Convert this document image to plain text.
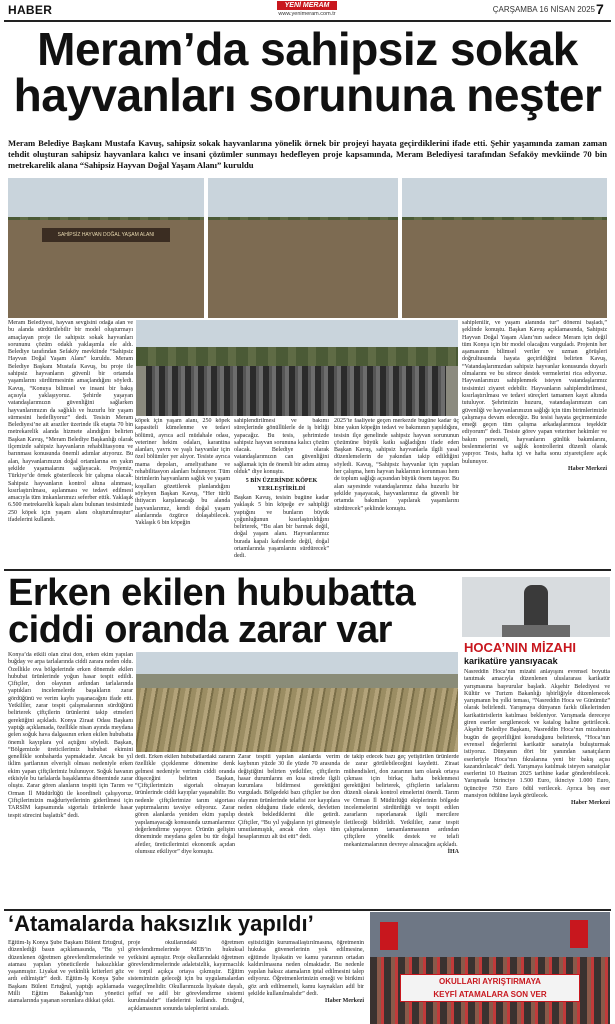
HABER	YENİ MERAM
www.yenimeram.com.tr	ÇARŞAMBA 16 NİSAN 2025 7
Meram’da sahipsiz sokak
hayvanları sorununa neşter
Meram Belediye Başkanı Mustafa Kavuş, sahipsiz sokak hayvanlarına yönelik örnek bir projeyi hayata geçirdiklerini ifade etti. Şehir yaşamında zaman zaman tehdit oluşturan sahipsiz hayvanlara kalıcı ve insani çözümler sunmayı hedefleyen proje kapsamında, Meram Belediyesi tarafından Sefaköy mevkiinde 70 bin metrekarelik alana “Sahipsiz Hayvan Doğal Yaşam Alanı” kuruldu
SAHİPSİZ HAYVAN DOĞAL YAŞAM ALANI
Meram Belediyesi, hayvan sevgisini odağa alan ve bu alanda sürdürülebilir bir model oluşturmayı amaçlayan proje ile sahipsiz sokak hayvanları sorununu çözüm odaklı yaklaşımla ele aldı. Belediye tarafından Sefaköy mevkiinde “Sahipsiz Hayvan Doğal Yaşam Alanı” kuruldu. Meram Belediye Başkanı Mustafa Kavuş, bu proje ile sahipsiz hayvanların güvenli bir ortamda yaşamlarını sürdürmesinin amaçlandığını söyledi. Kavuş, “Konuya bilimsel ve insani bir bakış açısıyla yaklaşıyoruz. Şehirde yaşayan vatandaşlarımızın güvenliğini sağlarken hayvanlarımızın da sağlıklı ve huzurlu bir yaşam sürmesini hedefliyoruz” dedi. Tesisin Meram Belediyesi’ne ait araziler üzerinde ilk etapta 70 bin metrekarelik alanda hizmete alındığını belirten Başkan Kavuş, “Meram Belediye Başkanlığı olarak ilçemizde sahipsiz hayvanların rehabilitasyonu ve barınması konusunda önemli adımlar atıyoruz. Bu alan, hayvanlarımızın doğal ortamlarına en yakın şekilde yaşamalarını sağlayacak. Projemiz, Türkiye’de örnek gösterilecek bir çalışma olacak. Sahipsiz hayvanların kontrol altına alınması, kısırlaştırılması, aşılanması ve tedavi edilmesi amacıyla tüm imkanlarımızı seferber ettik. Yaklaşık 6.500 metrekarelik kapalı alanı bulunan tesisimizde 250 köpek için yaşam alanı oluşturulmuştur” ifadelerini kullandı.
köpek için yaşam alanı, 250 köpek kapasiteli kümelenme ve tedavi bölümü, ayrıca acil müdahale odası, veteriner hekim odaları, karantina alanları, yavru ve yaşlı hayvanlar için özel bölümler yer alıyor. Tesiste ayrıca mama depoları, ameliyathane ve rehabilitasyon alanları bulunuyor. Tüm birimlerin hayvanların sağlık ve yaşam koşulları gözetilerek planlandığını söyleyen Başkan Kavuş, “Her türlü ihtiyacın karşılanacağı bu alanda hayvanlarımız, kendi doğal yaşam alanlarında özgürce dolaşabilecek. Yaklaşık 6 bin köpeğin
sahiplendirilmesi ve bakımı süreçlerinde gönüllülerle de iş birliği yapacağız. Bu tesis, şehrimizde sahipsiz hayvan sorununa kalıcı çözüm olacak. Belediye olarak vatandaşlarımızın can güvenliğini sağlamak için de önemli bir adım atmış olduk” diye konuştu.
5 BİN ÜZERİNDE KÖPEK YERLEŞTİRİLDİ
Başkan Kavuş, tesisin bugüne kadar yaklaşık 5 bin köpeğe ev sahipliği yaptığını ve bunların büyük çoğunluğunun kısırlaştırıldığını belirterek, “Bu alan bir barınak değil, doğal yaşam alanı. Hayvanlarımız burada kapalı kafeslerde değil, doğal ortamlarında yaşamlarını sürdürecek” dedi.
2025’te faaliyete geçen merkezde bugüne kadar üç bine yakın köpeğin tedavi ve bakımının yapıldığını, tesisin ilçe genelinde sahipsiz hayvan sorununun çözümüne büyük katkı sağladığını ifade eden Başkan Kavuş, sahipsiz hayvanlarla ilgili yasal düzenlemelerin de yakından takip edildiğini söyledi. Kavuş, “Sahipsiz hayvanlar için yapılan her çalışma, hem hayvan haklarının korunması hem de toplum sağlığı açısından büyük önem taşıyor. Bu alan sayesinde vatandaşlarımız daha huzurlu bir şekilde yaşayacak, hayvanlarımız da güvenli bir ortamda bakımları yapılarak yaşamlarını sürdürecek” şeklinde konuştu.
sahiplenilir, ve yaşam alanında tur” dönemi başladı,” şeklinde konuştu. Başkan Kavuş açıklamasında, Sahipsiz Hayvan Doğal Yaşam Alanı’nın sadece Meram için değil tüm Konya için bir model olacağını vurguladı. Projenin her aşamasının bilimsel veriler ve uzman görüşleri doğrultusunda hayata geçirildiğini belirten Kavuş, “Vatandaşlarımızdan sahipsiz hayvanlar konusunda duyarlı olmalarını ve bu sürece destek vermelerini rica ediyoruz. Hayvanlarımızı sahiplenmek isteyen vatandaşlarımız tesisimizi ziyaret edebilir. Hayvanların sahiplendirilmesi, kısırlaştırılması ve tedavi süreçleri tamamen kayıt altında tutuluyor. Şehrimizin huzuru, vatandaşlarımızın can güvenliği ve hayvanlarımızın sağlığı için tüm birimlerimizle çalışmaya devam edeceğiz. Bu tesisi hayata geçirmemizde emeği geçen tüm çalışma arkadaşlarımıza teşekkür ediyorum” dedi. Tesiste görev yapan veteriner hekimler ve bakım personeli, hayvanların günlük bakımlarını, beslenmelerini ve sağlık kontrollerini düzenli olarak yapıyor. Tesis, hafta içi ve hafta sonu ziyaretçilere açık bulunuyor.
Haber Merkezi
Erken ekilen hububatta
ciddi oranda zarar var
Konya’da etkili olan zirai don, erken ekim yapılan buğday ve arpa tarlalarında ciddi zarara neden oldu. Özellikle ova bölgelerinde erken dönemde ekilen hububat ürünlerinde yoğun hasar tespit edildi. Çiftçiler, don olayının ardından tarlalarında yaptıkları incelemelerde başakların zarar gördüğünü ve verim kaybı yaşanacağını ifade etti. Yetkililer, zarar tespit çalışmalarının sürdüğünü belirterek çiftçilerin ürünlerini takip etmeleri gerektiğini açıkladı. Konya Ziraat Odası Başkanı yaptığı açıklamada, özellikle nisan ayında meydana gelen soğuk hava dalgasının erken ekilen hububatta önemli kayıplara yol açtığını söyledi. Başkan, “Bölgemizde üreticilerimiz hububat ekimini genellikle sonbaharda yapmaktadır. Ancak bu yıl iklim şartlarının elverişli olması nedeniyle erken ekim yapan çiftçilerimiz bulunuyor. Soğuk havanın etkisiyle bu tarlalarda başaklanma döneminde zarar oluştu. Zarar gören alanların tespiti için Tarım ve Orman İl Müdürlüğü ile koordineli çalışıyoruz. Çiftçilerimizin mağduriyetlerinin giderilmesi için TARSİM kapsamında sigortalı ürünlerde hasar tespit sürecini başlattık” dedi.
dedi. Erken ekilen hububatlardaki zararın özellikle çiçeklenme dönemine denk gelmesi nedeniyle verimin ciddi oranda düşeceğini belirten Başkan, “Çiftçilerimizin sigortalı olmayan ürünlerinde ciddi kayıplar yaşanabilir. Bu nedenle çiftçilerimize tarım sigortası yaptırmalarını tavsiye ediyoruz. Zarar gören alanlarda yeniden ekim yapılıp yapılamayacağı konusunda uzmanlarımız değerlendirme yapıyor. Ürünün gelişim döneminde meydana gelen bu tür doğal afetler, üreticilerimizi ekonomik açıdan olumsuz etkiliyor” diye konuştu.
Zarar tespiti yapılan alanlarda verim kaybının yüzde 30 ile yüzde 70 arasında değiştiğini belirten yetkililer, çiftçilerin hasar durumlarını en kısa sürede ilgili kurumlara bildirmesi gerektiğini vurguladı. Bölgedeki bazı çiftçiler ise don olayının ürünlerinde telafisi zor kayıplara neden olduğunu ifade ederek, devletten destek beklediklerini dile getirdi. Çiftçiler, “Bu yıl yağışların iyi gitmesiyle umutlanmıştık, ancak don olayı tüm hesaplarımızı alt üst etti” dedi.
de takip edecek bazı geç yetiştirilen ürünlerde de zarar görülebileceğini kaydetti. Ziraat mühendisleri, don zararının tam olarak ortaya çıkması için birkaç hafta beklenmesi gerektiğini belirterek, çiftçilerin tarlalarını düzenli olarak kontrol etmelerini önerdi. Tarım ve Orman İl Müdürlüğü ekiplerinin bölgede incelemelerini sürdürdüğü ve tespit edilen zararların raporlanarak ilgili mercilere iletileceği bildirildi. Yetkililer, zarar tespit çalışmalarının tamamlanmasının ardından çiftçilere yönelik destek ve telafi mekanizmalarının devreye alınacağını açıkladı.
İHA
HOCA’NIN MİZAHI
karikatüre yansıyacak
Nasreddin Hoca’nın mizahi anlayışını evrensel boyutta tanıtmak amacıyla düzenlenen uluslararası karikatür yarışmasına başvurular başladı. Akşehir Belediyesi ve Kültür ve Turizm Bakanlığı işbirliğiyle düzenlenecek yarışmanın bu yılki teması, “Nasreddin Hoca ve Günümüz” olarak belirlendi. Yarışmaya dünyanın farklı ülkelerinden karikatüristlerin katılması bekleniyor. Yarışmada dereceye giren eserler sergilenecek ve katalog haline getirilecek. Akşehir Belediye Başkanı, Nasreddin Hoca’nın mizahının bugün de geçerliliğini koruduğunu belirterek, “Hoca’nın evrensel değerlerini karikatür sanatıyla buluşturmak istiyoruz. Dünyanın dört bir yanından sanatçıların eserleriyle Hoca’nın fıkralarına yeni bir bakış açısı kazandırılacak” dedi. Yarışmaya katılmak isteyen sanatçılar eserlerini 10 Haziran 2025 tarihine kadar gönderebilecek. Yarışmada birinciye 1.500 Euro, ikinciye 1.000 Euro, üçüncüye 750 Euro ödül verilecek. Ayrıca beş eser mansiyon ödülüne layık görülecek.
Haber Merkezi
‘Atamalarda haksızlık yapıldı’
Eğitim-İş Konya Şube Başkanı Bülent Ertuğrul, düzenlediği basın açıklamasında, “Bu yıl düzenlenen öğretmen görevlendirmelerinde ve ataması yapılan yöneticilerde haksızlıklar yaşanmıştır. Liyakat ve yetkinlik kriterleri göz ardı edilmiştir” dedi. Eğitim-İş Konya Şube Başkanı Bülent Ertuğrul, yaptığı açıklamada Milli Eğitim Bakanlığı’nın yönetici atamalarında yaşanan sorunlara dikkat çekti.
proje okullarındaki öğretmen görevlendirmelerinde MEB’in hukuksal yetkisini aşmıştır. Proje okullarındaki öğretmen görevlendirmelerinde adaletsizlik, kayırmacılık ve torpil açıkça ortaya çıkmıştır. Eğitim sistemimizin geleceği için bu uygulamalardan vazgeçilmelidir. Okullarımızda liyakate dayalı, şeffaf ve adil bir görevlendirme sistemi kurulmalıdır” ifadelerini kullandı. Ertuğrul, açıklamasının sonunda taleplerini sıraladı.
eşitsizliğin kurumsallaştırılmasına, öğretmenin hukuka güvenerlerinin yok edilmesine, eğitimde liyakatin ve kamu yararının ortadan kaldırılmasına neden olmaktadır. Bu nedenle yapılan haksız atamaların iptal edilmesini talep ediyoruz. Öğretmenlerimizin emeği ve birikimi göz ardı edilmemeli, kamu kaynakları adil bir şekilde kullanılmalıdır” dedi.
Haber Merkezi
OKULLARI AYRIŞTIRMAYA
KEYFİ ATAMALARA SON VER
